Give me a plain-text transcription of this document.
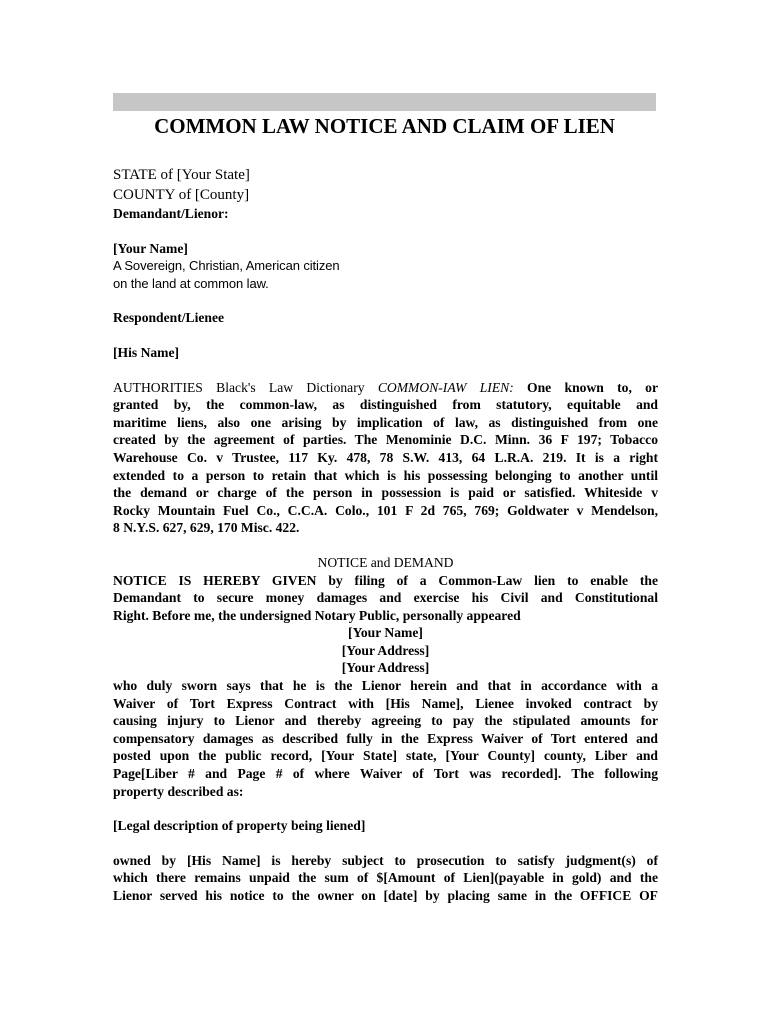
COMMON LAW NOTICE AND CLAIM OF LIEN
STATE of [Your State]
COUNTY of [County]
Demandant/Lienor:
[Your Name]
A Sovereign, Christian, American citizen
on the land at common law.
Respondent/Lienee
[His Name]
AUTHORITIES Black's Law Dictionary COMMON-IAW LIEN: One known to, or
granted by, the common-law, as distinguished from statutory, equitable and
maritime liens, also one arising by implication of law, as distinguished from one
created by the agreement of parties. The Menominie D.C. Minn. 36 F 197; Tobacco
Warehouse Co. v Trustee, 117 Ky. 478, 78 S.W. 413, 64 L.R.A. 219. It is a right
extended to a person to retain that which is his possessing belonging to another until
the demand or charge of the person in possession is paid or satisfied. Whiteside v
Rocky Mountain Fuel Co., C.C.A. Colo., 101 F 2d 765, 769; Goldwater v Mendelson,
8 N.Y.S. 627, 629, 170 Misc. 422.
NOTICE and DEMAND
NOTICE IS HEREBY GIVEN by filing of a Common-Law lien to enable the
Demandant to secure money damages and exercise his Civil and Constitutional
Right. Before me, the undersigned Notary Public, personally appeared
[Your Name]
[Your Address]
[Your Address]
who duly sworn says that he is the Lienor herein and that in accordance with a
Waiver of Tort Express Contract with [His Name], Lienee invoked contract by
causing injury to Lienor and thereby agreeing to pay the stipulated amounts for
compensatory damages as described fully in the Express Waiver of Tort entered and
posted upon the public record, [Your State] state, [Your County] county, Liber and
Page[Liber # and Page # of where Waiver of Tort was recorded]. The following
property described as:
[Legal description of property being liened]
owned by [His Name] is hereby subject to prosecution to satisfy judgment(s) of
which there remains unpaid the sum of $[Amount of Lien](payable in gold) and the
Lienor served his notice to the owner on [date] by placing same in the OFFICE OF
